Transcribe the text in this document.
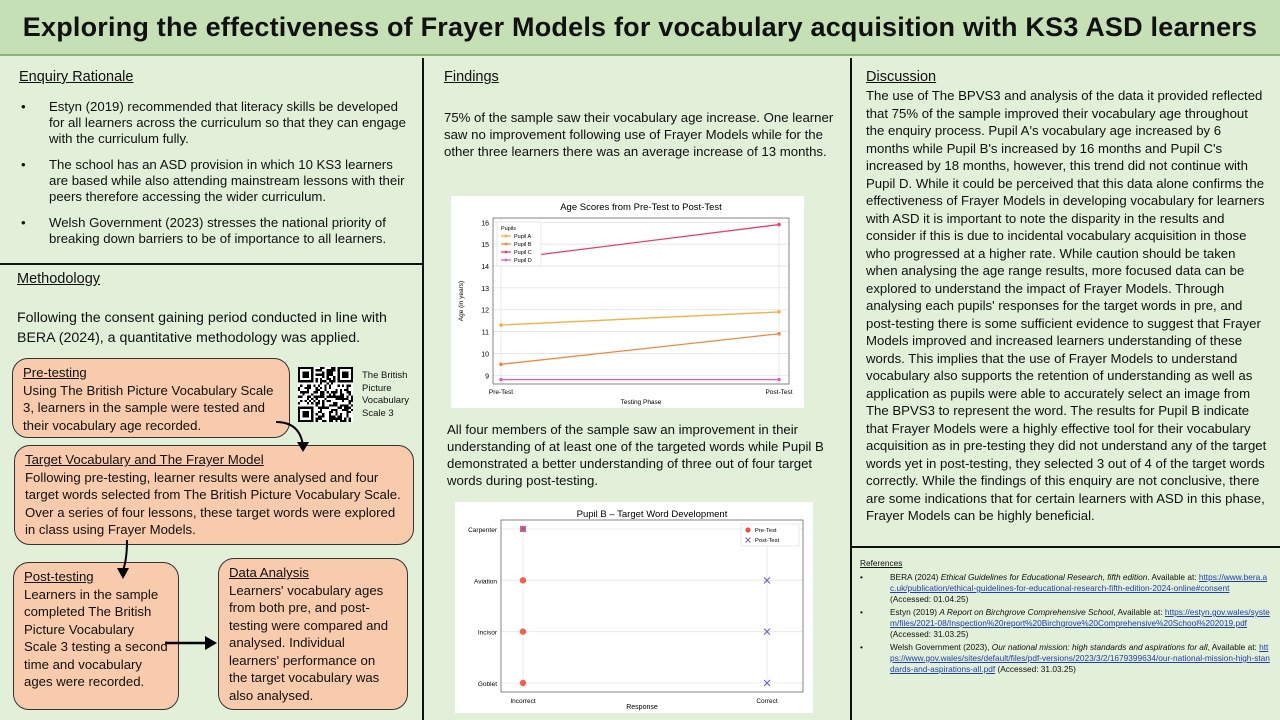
Exploring the effectiveness of Frayer Models for vocabulary acquisition with KS3 ASD learners
Enquiry Rationale
• Estyn (2019) recommended that literacy skills be developed for all learners across the curriculum so that they can engage with the curriculum fully.
• The school has an ASD provision in which 10 KS3 learners are based while also attending mainstream lessons with their peers therefore accessing the wider curriculum.
• Welsh Government (2023) stresses the national priority of breaking down barriers to be of importance to all learners.
Methodology
Following the consent gaining period conducted in line with BERA (2024), a quantitative methodology was applied.
Pre-testing
Using The British Picture Vocabulary Scale 3, learners in the sample were tested and their vocabulary age recorded.
The British Picture Vocabulary Scale 3
Target Vocabulary and The Frayer Model
Following pre-testing, learner results were analysed and four target words selected from The British Picture Vocabulary Scale. Over a series of four lessons, these target words were explored in class using Frayer Models.
Post-testing
Learners in the sample completed The British Picture Vocabulary Scale 3 testing a second time and vocabulary ages were recorded.
Data Analysis
Learners' vocabulary ages from both pre, and post-testing were compared and analysed. Individual learners' performance on the target vocabulary was also analysed.
Findings
75% of the sample saw their vocabulary age increase. One learner saw no improvement following use of Frayer Models while for the other three learners there was an average increase of 13 months.
Age Scores from Pre-Test to Post-Test
9
10
11
12
13
14
15
16
Pre-Test	Post-Test
Testing Phase
Age (in years)
Pupils
Pupil A
Pupil B
Pupil C
Pupil D
All four members of the sample saw an improvement in their understanding of at least one of the targeted words while Pupil B demonstrated a better understanding of three out of four target words during post-testing.
Pupil B – Target Word Development
Carpenter
Aviation
Incisor
Goblet
Incorrect	Correct
Response
Pre-Test
Post-Test
Discussion
The use of The BPVS3 and analysis of the data it provided reflected that 75% of the sample improved their vocabulary age throughout the enquiry process. Pupil A's vocabulary age increased by 6 months while Pupil B's increased by 16 months and Pupil C's increased by 18 months, however, this trend did not continue with Pupil D. While it could be perceived that this data alone confirms the effectiveness of Frayer Models in developing vocabulary for learners with ASD it is important to note the disparity in the results and consider if this is due to incidental vocabulary acquisition in those who progressed at a higher rate. While caution should be taken when analysing the age range results, more focused data can be explored to understand the impact of Frayer Models. Through analysing each pupils' responses for the target words in pre, and post-testing there is some sufficient evidence to suggest that Frayer Models improved and increased learners understanding of these words. This implies that the use of Frayer Models to understand vocabulary also supports the retention of understanding as well as application as pupils were able to accurately select an image from The BPVS3 to represent the word. The results for Pupil B indicate that Frayer Models were a highly effective tool for their vocabulary acquisition as in pre-testing they did not understand any of the target words yet in post-testing, they selected 3 out of 4 of the target words correctly. While the findings of this enquiry are not conclusive, there are some indications that for certain learners with ASD in this phase, Frayer Models can be highly beneficial.
References
• BERA (2024) Ethical Guidelines for Educational Research, fifth edition. Available at: https://www.bera.ac.uk/publication/ethical-guidelines-for-educational-research-fifth-edition-2024-online#consent (Accessed: 01.04.25)
• Estyn (2019) A Report on Birchgrove Comprehensive School, Available at: https://estyn.gov.wales/system/files/2021-08/Inspection%20report%20Birchgrove%20Comprehensive%20School%202019.pdf (Accessed: 31.03.25)
• Welsh Government (2023), Our national mission: high standards and aspirations for all, Available at: https://www.gov.wales/sites/default/files/pdf-versions/2023/3/2/1679399634/our-national-mission-high-standards-and-aspirations-all.pdf (Accessed: 31.03.25)
